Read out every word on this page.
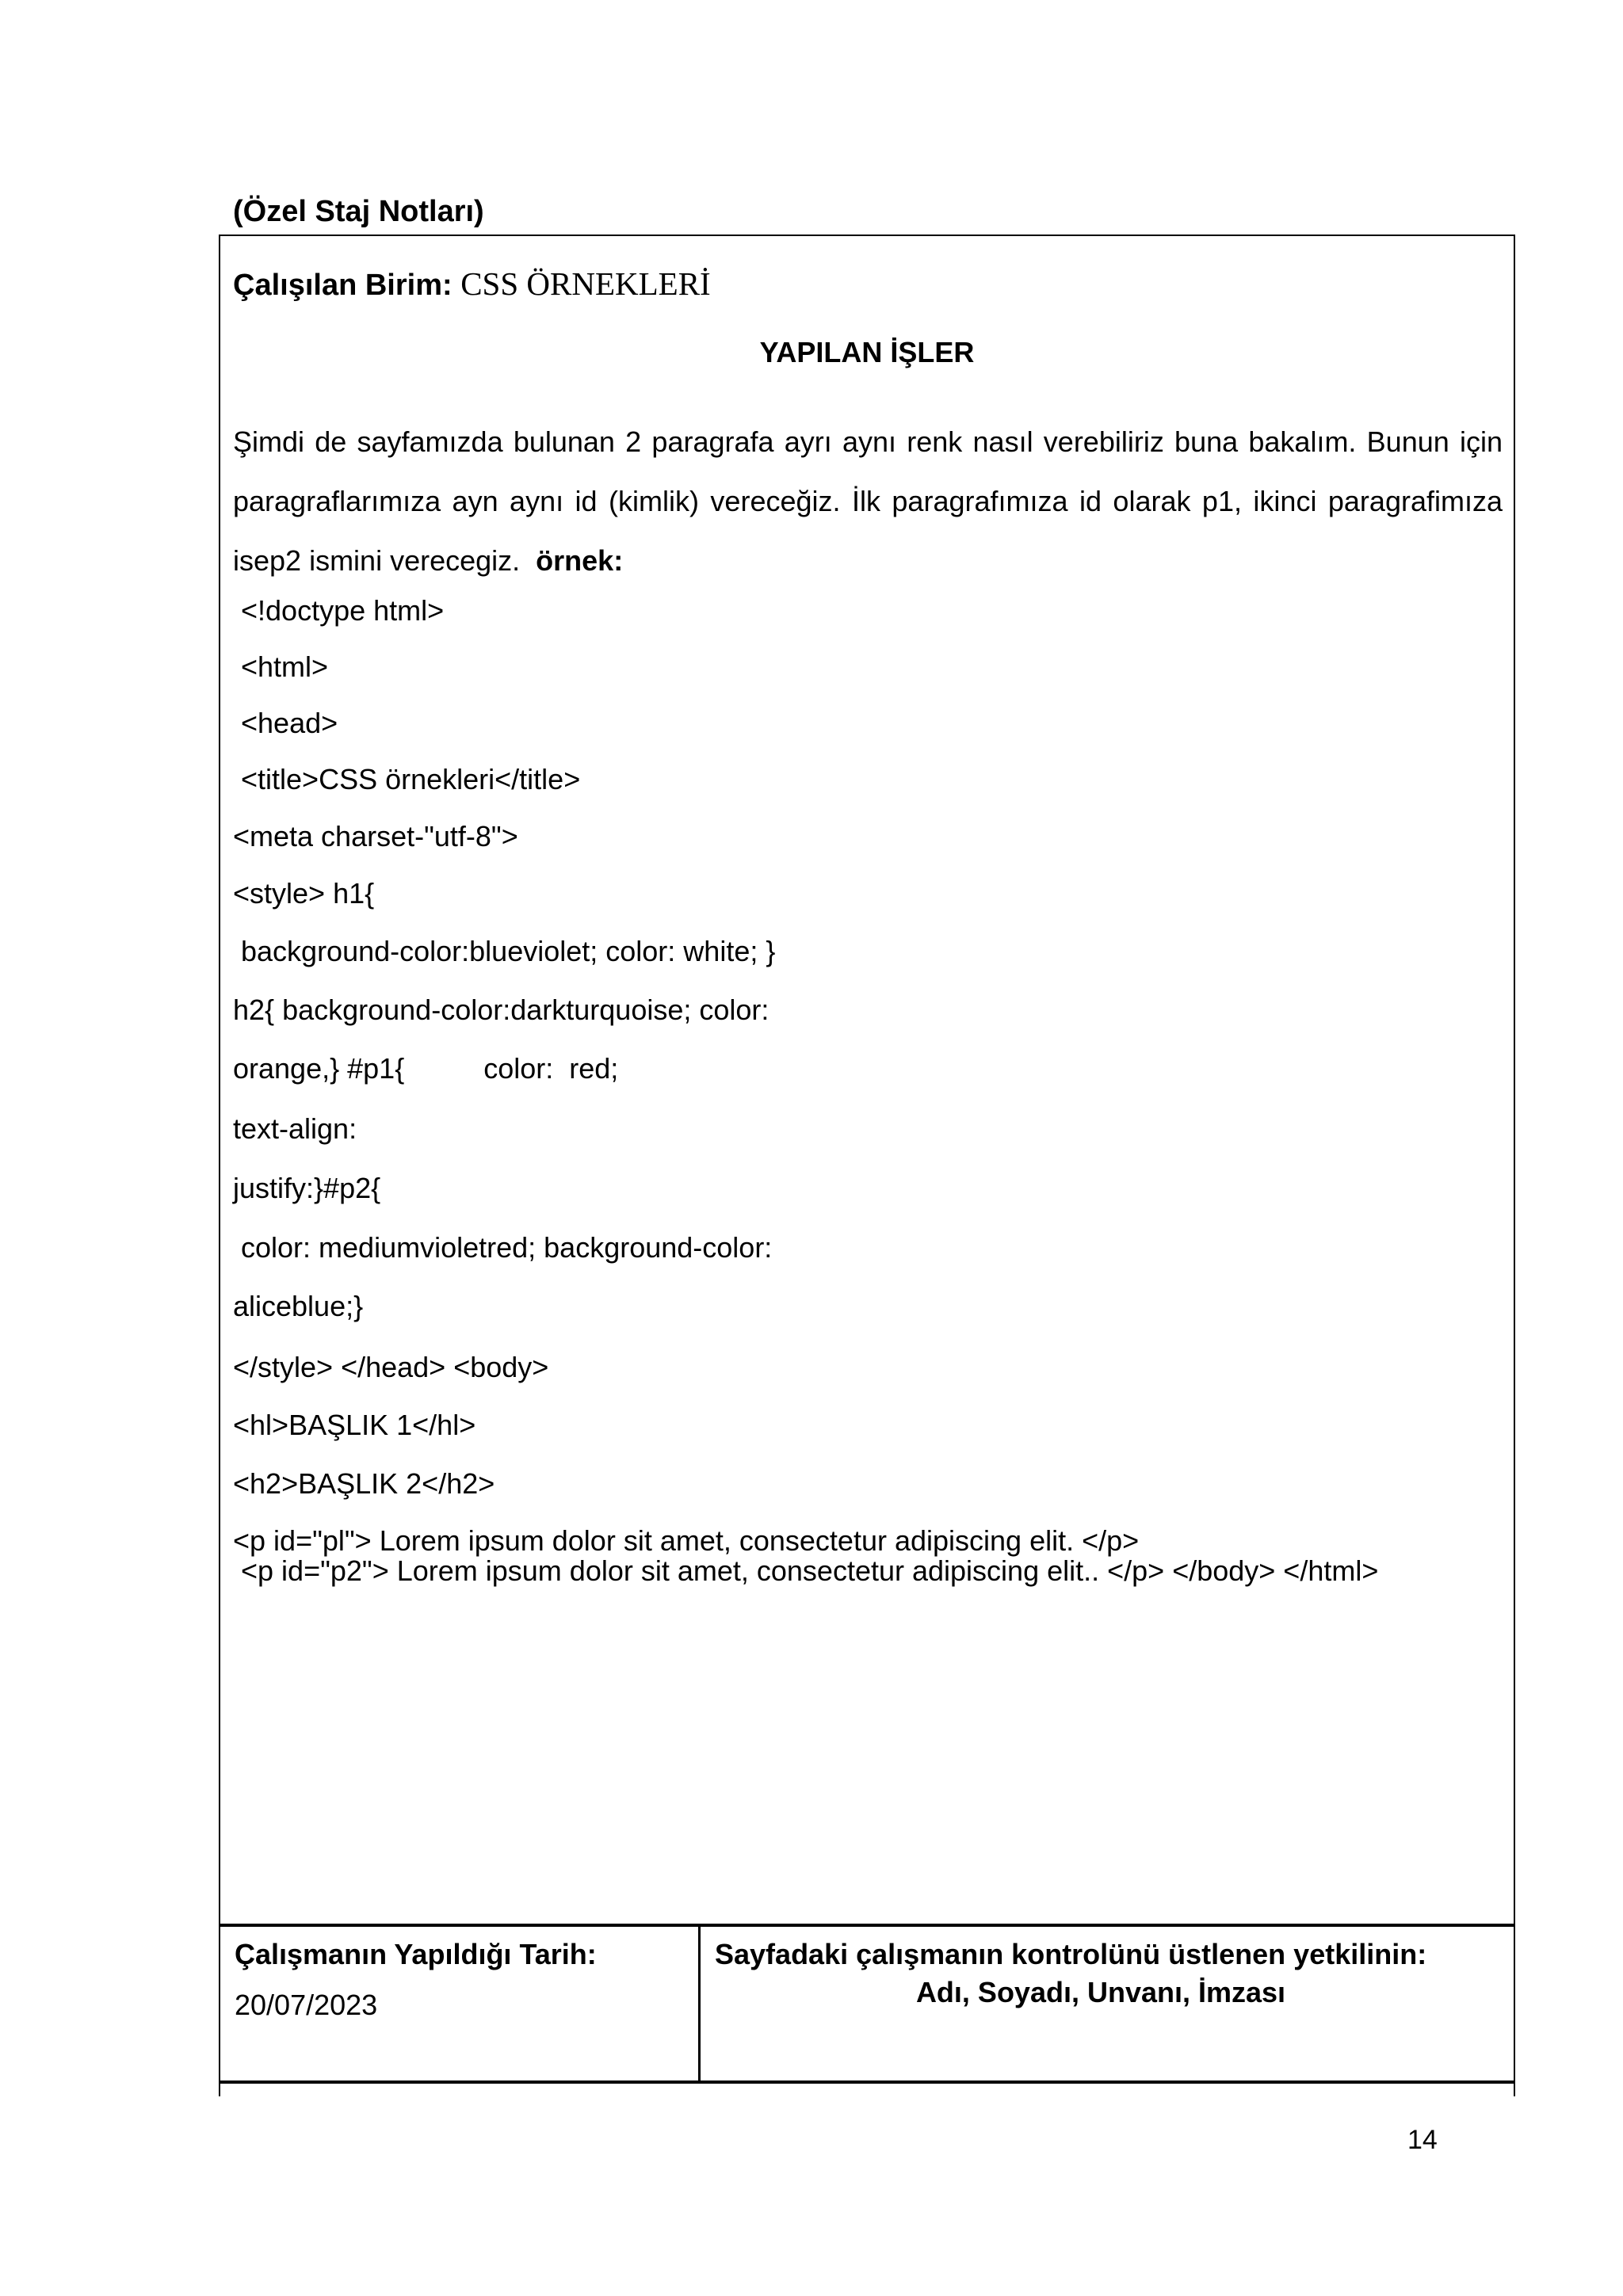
(Özel Staj Notları)
Çalışılan Birim: CSS ÖRNEKLERİ
YAPILAN İŞLER

Şimdi de sayfamızda bulunan 2 paragrafa ayrı aynı renk nasıl verebiliriz buna bakalım. Bunun için paragraflarımıza ayn aynı id (kimlik) vereceğiz. İlk paragrafımıza id olarak p1, ikinci paragrafimıza isep2 ismini verecegiz. örnek:

<!doctype html>
<html>
<head>
<title>CSS örnekleri</title>
<meta charset-"utf-8">
<style> h1{
background-color:blueviolet; color: white; }
h2{ background-color:darkturquoise; color:
orange,} #p1{          color:  red;
text-align:
justify:}#p2{
color: mediumvioletred; background-color:
aliceblue;}
</style> </head> <body>
<hl>BAŞLIK 1</hl>
<h2>BAŞLIK 2</h2>
<p id="pl"> Lorem ipsum dolor sit amet, consectetur adipiscing elit. </p>
<p id="p2"> Lorem ipsum dolor sit amet, consectetur adipiscing elit.. </p> </body> </html>
Çalışmanın Yapıldığı Tarih:
20/07/2023
Sayfadaki çalışmanın kontrolünü üstlenen yetkilinin:
Adı, Soyadı, Unvanı, İmzası
14
